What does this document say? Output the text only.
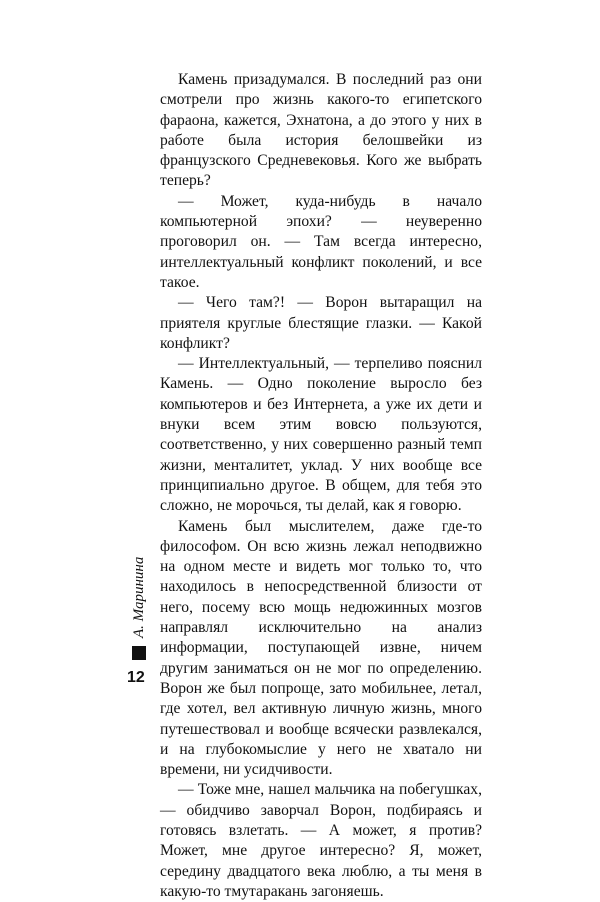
Камень призадумался. В последний раз они смотрели про жизнь какого-то египетского фараона, кажется, Эхнатона, а до этого у них в работе была история белошвейки из французского Средневековья. Кого же выбрать теперь?

— Может, куда-нибудь в начало компьютерной эпохи? — неуверенно проговорил он. — Там всегда интересно, интеллектуальный конфликт поколений, и все такое.

— Чего там?! — Ворон вытаращил на приятеля круглые блестящие глазки. — Какой конфликт?

— Интеллектуальный, — терпеливо пояснил Камень. — Одно поколение выросло без компьютеров и без Интернета, а уже их дети и внуки всем этим вовсю пользуются, соответственно, у них совершенно разный темп жизни, менталитет, уклад. У них вообще все принципиально другое. В общем, для тебя это сложно, не морочься, ты делай, как я говорю.

Камень был мыслителем, даже где-то философом. Он всю жизнь лежал неподвижно на одном месте и видеть мог только то, что находилось в непосредственной близости от него, посему всю мощь недюжинных мозгов направлял исключительно на анализ информации, поступающей извне, ничем другим заниматься он не мог по определению. Ворон же был попроще, зато мобильнее, летал, где хотел, вел активную личную жизнь, много путешествовал и вообще всячески развлекался, и на глубокомыслие у него не хватало ни времени, ни усидчивости.

— Тоже мне, нашел мальчика на побегушках, — обидчиво заворчал Ворон, подбираясь и готовясь взлетать. — А может, я против? Может, мне другое интересно? Я, может, середину двадцатого века люблю, а ты меня в какую-то тмутаракань загоняешь.

А. Маринина
12
